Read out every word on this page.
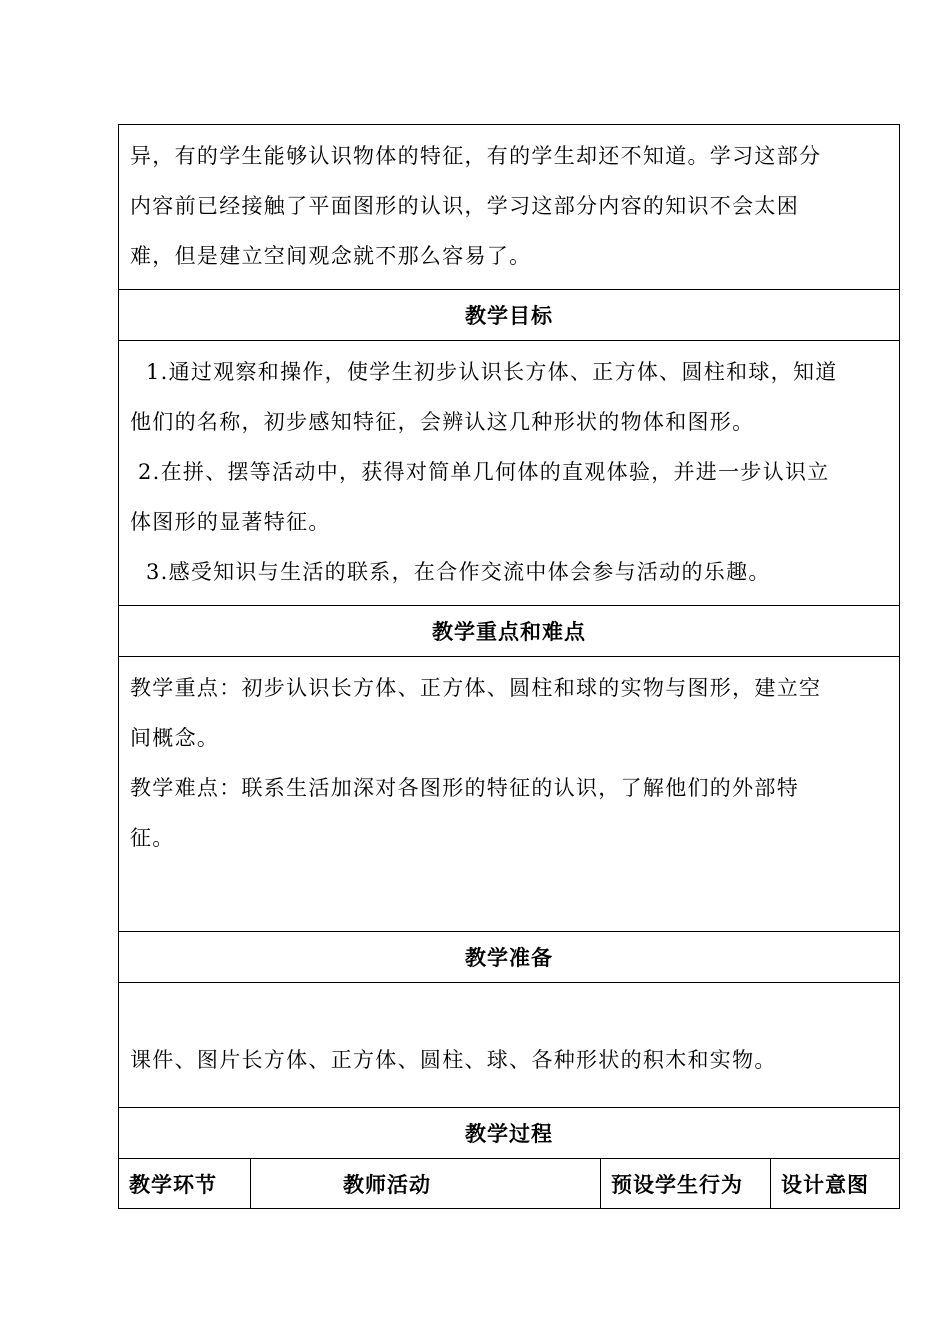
异，有的学生能够认识物体的特征，有的学生却还不知道。学习这部分
内容前已经接触了平面图形的认识，学习这部分内容的知识不会太困
难，但是建立空间观念就不那么容易了。
教学目标
1.通过观察和操作，使学生初步认识长方体、正方体、圆柱和球，知道
他们的名称，初步感知特征，会辨认这几种形状的物体和图形。
2.在拼、摆等活动中，获得对简单几何体的直观体验，并进一步认识立
体图形的显著特征。
3.感受知识与生活的联系，在合作交流中体会参与活动的乐趣。
教学重点和难点
教学重点：初步认识长方体、正方体、圆柱和球的实物与图形，建立空
间概念。
教学难点：联系生活加深对各图形的特征的认识，了解他们的外部特
征。
教学准备
课件、图片长方体、正方体、圆柱、球、各种形状的积木和实物。
教学过程
教学环节	教师活动	预设学生行为	设计意图
